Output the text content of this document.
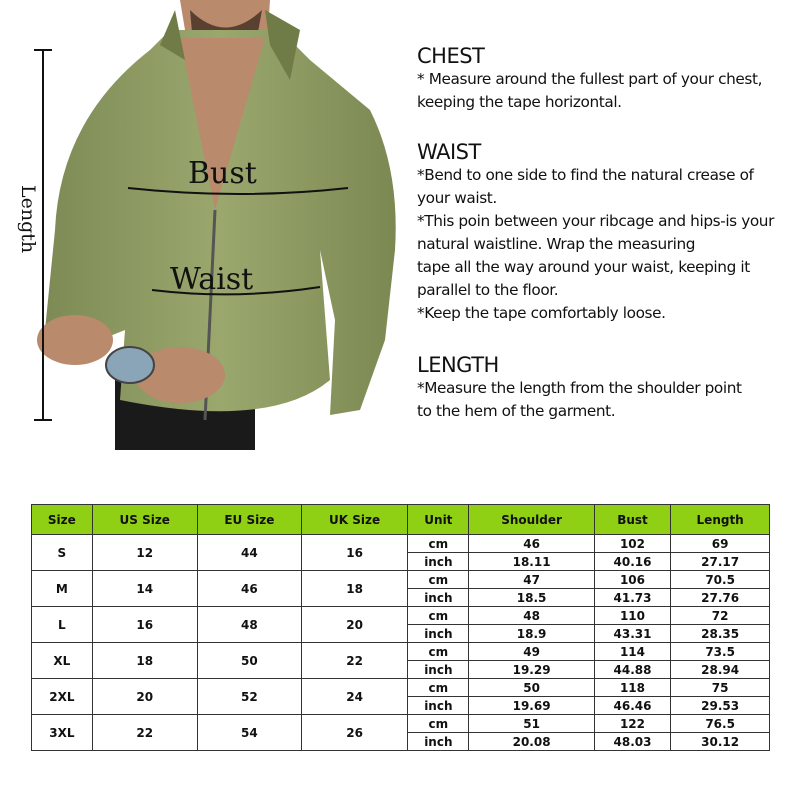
Length
Bust
Waist
CHEST

* Measure around the fullest part of your chest,

keeping the tape horizontal.

WAIST

*Bend to one side to find the natural crease of

your waist.

*This poin between your ribcage and hips-is your

natural waistline. Wrap the measuring

tape all the way around your waist, keeping it

parallel to the floor.

*Keep the tape comfortably loose.

LENGTH

*Measure the length from the shoulder point

to the hem of the garment.

Size	US Size	EU Size	UK Size	Unit	Shoulder	Bust	Length
S	12	44	16	cm	46	102	69
				inch	18.11	40.16	27.17
M	14	46	18	cm	47	106	70.5
				inch	18.5	41.73	27.76
L	16	48	20	cm	48	110	72
				inch	18.9	43.31	28.35
XL	18	50	22	cm	49	114	73.5
				inch	19.29	44.88	28.94
2XL	20	52	24	cm	50	118	75
				inch	19.69	46.46	29.53
3XL	22	54	26	cm	51	122	76.5
				inch	20.08	48.03	30.12
